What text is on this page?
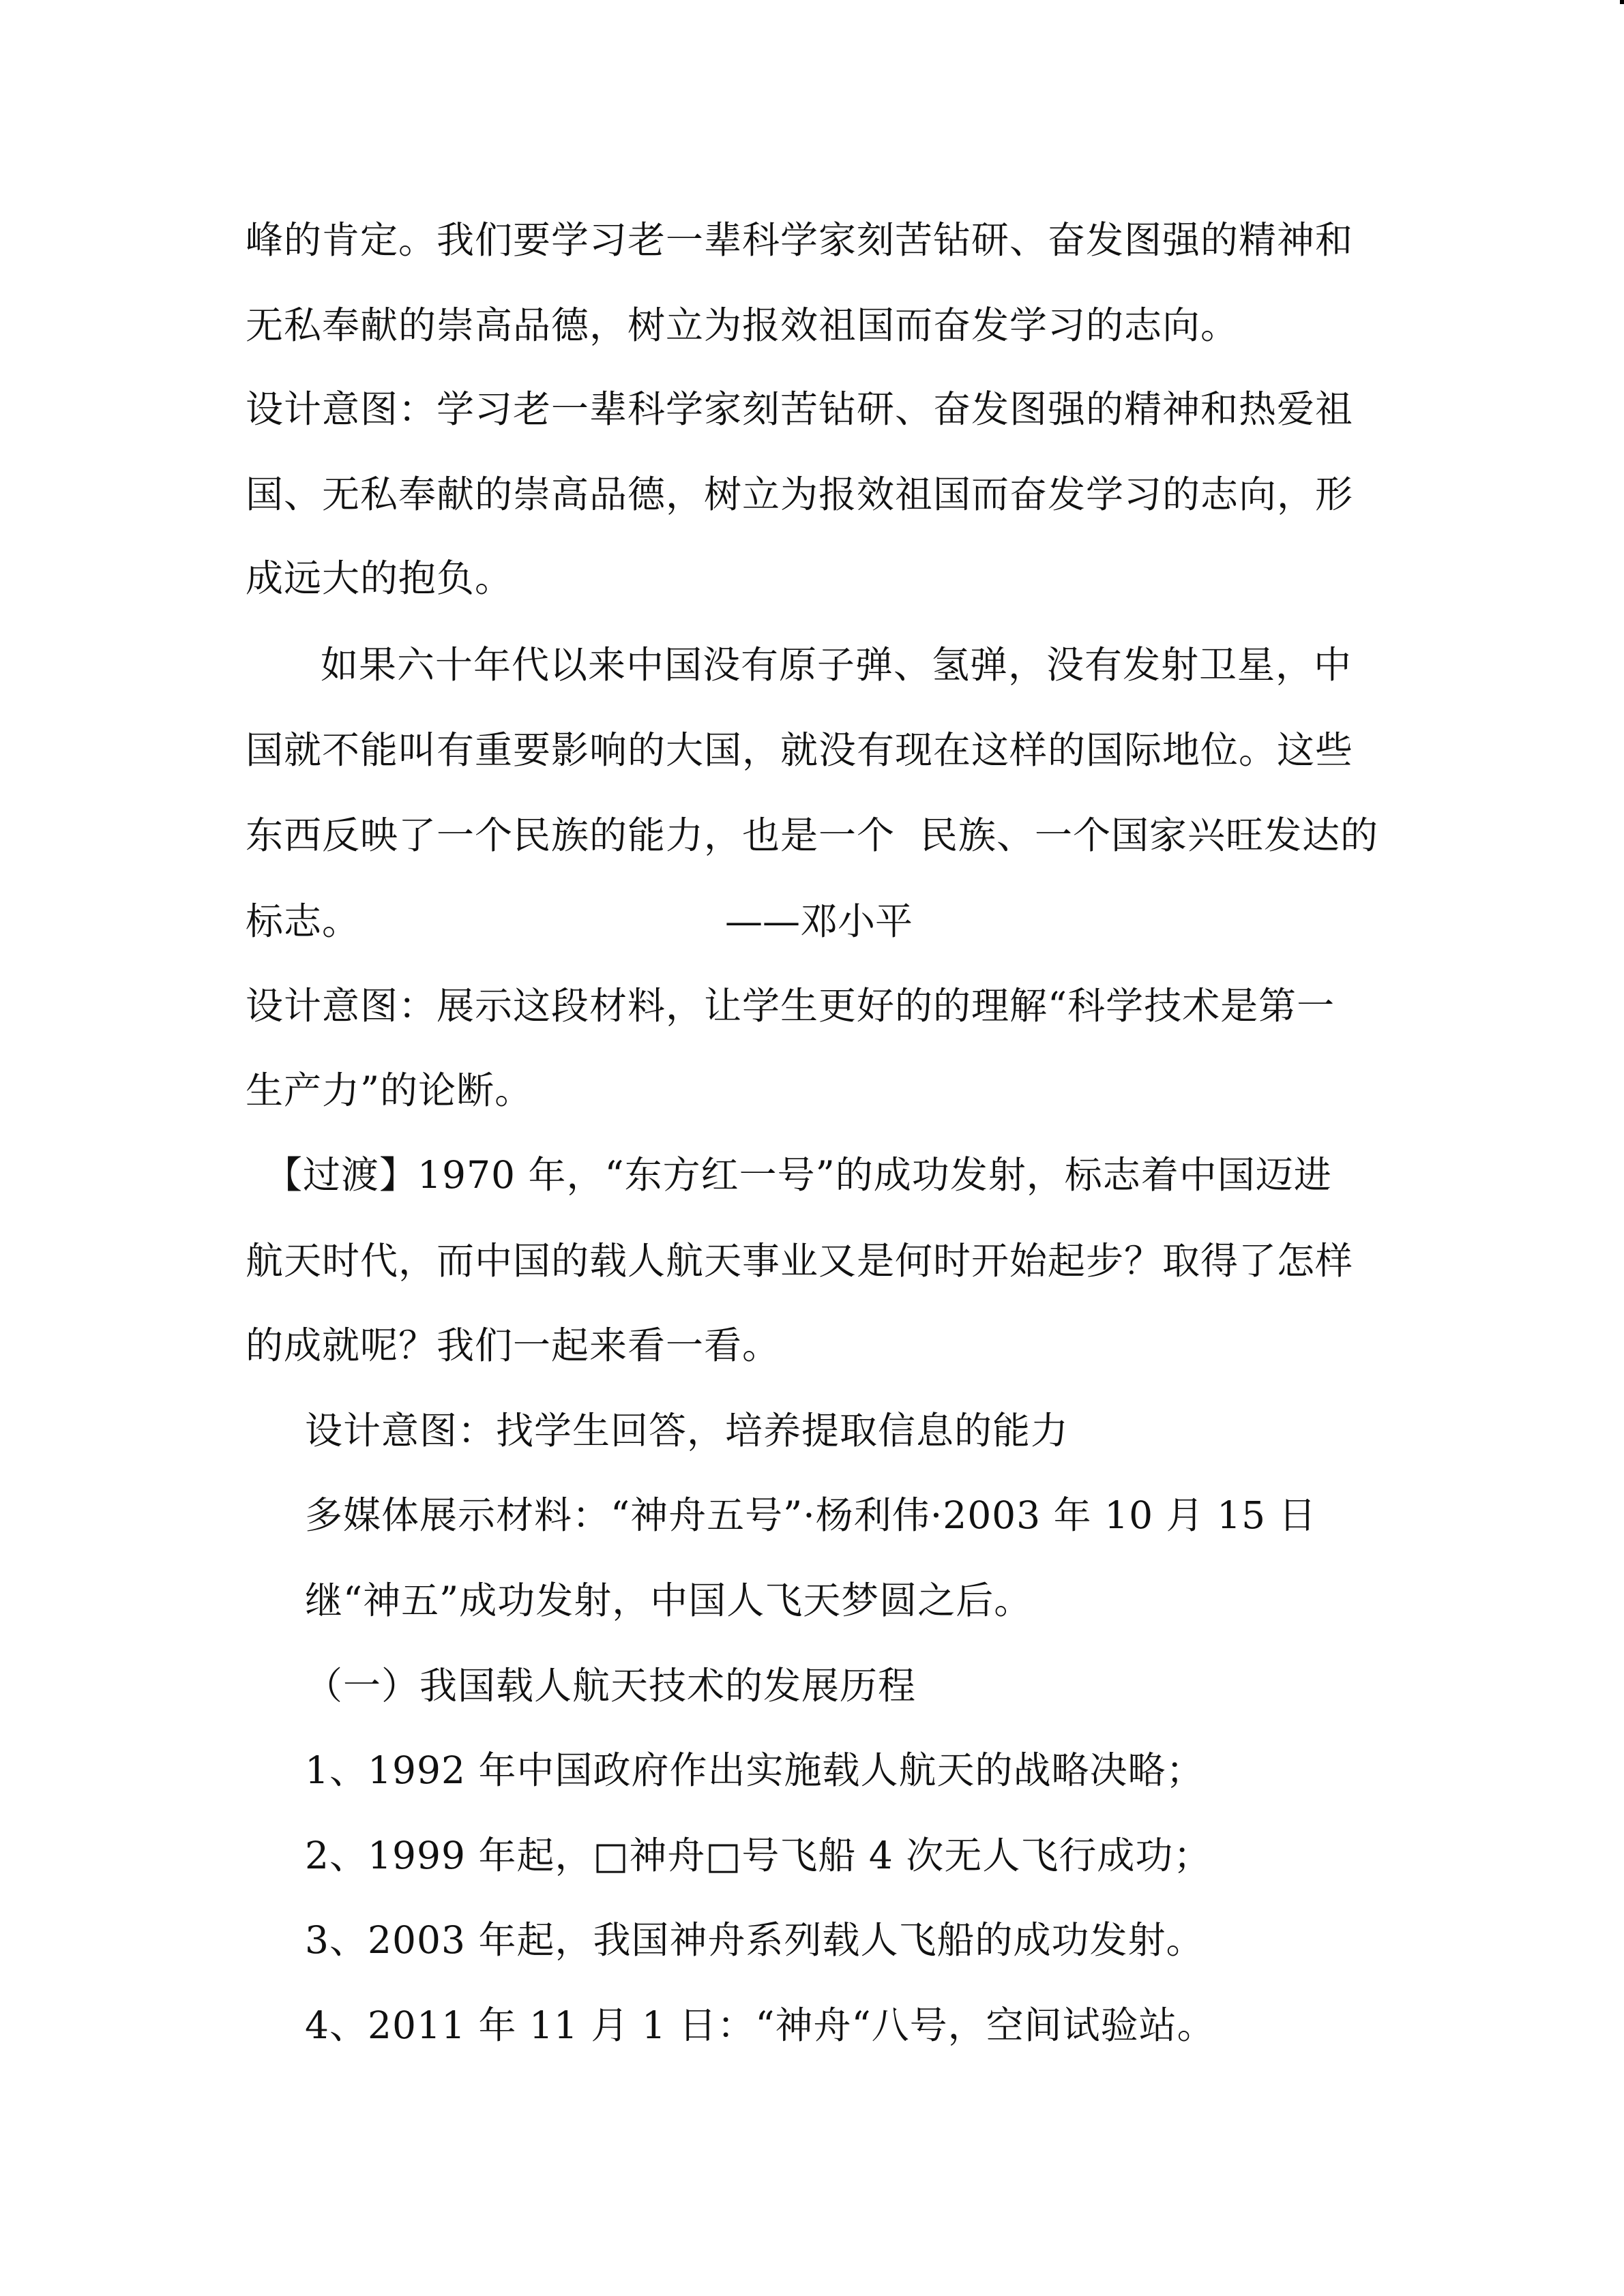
峰的肯定。我们要学习老一辈科学家刻苦钻研、奋发图强的精神和
无私奉献的崇高品德，树立为报效祖国而奋发学习的志向。
设计意图：学习老一辈科学家刻苦钻研、奋发图强的精神和热爱祖
国、无私奉献的崇高品德，树立为报效祖国而奋发学习的志向，形
成远大的抱负。
如果六十年代以来中国没有原子弹、氢弹，没有发射卫星，中
国就不能叫有重要影响的大国，就没有现在这样的国际地位。这些
东西反映了一个民族的能力，也是一个  民族、一个国家兴旺发达的
标志。	——邓小平
设计意图：展示这段材料，让学生更好的的理解“科学技术是第一
生产力”的论断。
【过渡】1970 年，“东方红一号”的成功发射，标志着中国迈进
航天时代，而中国的载人航天事业又是何时开始起步？取得了怎样
的成就呢？我们一起来看一看。
设计意图：找学生回答，培养提取信息的能力
多媒体展示材料：“神舟五号”·杨利伟·2003 年 10 月 15 日
继“神五”成功发射，中国人飞天梦圆之后。
（一）我国载人航天技术的发展历程
1、1992 年中国政府作出实施载人航天的战略决略；
2、1999 年起，□神舟□号飞船 4 次无人飞行成功；
3、2003 年起，我国神舟系列载人飞船的成功发射。
4、2011 年 11 月 1 日：“神舟“八号，空间试验站。
